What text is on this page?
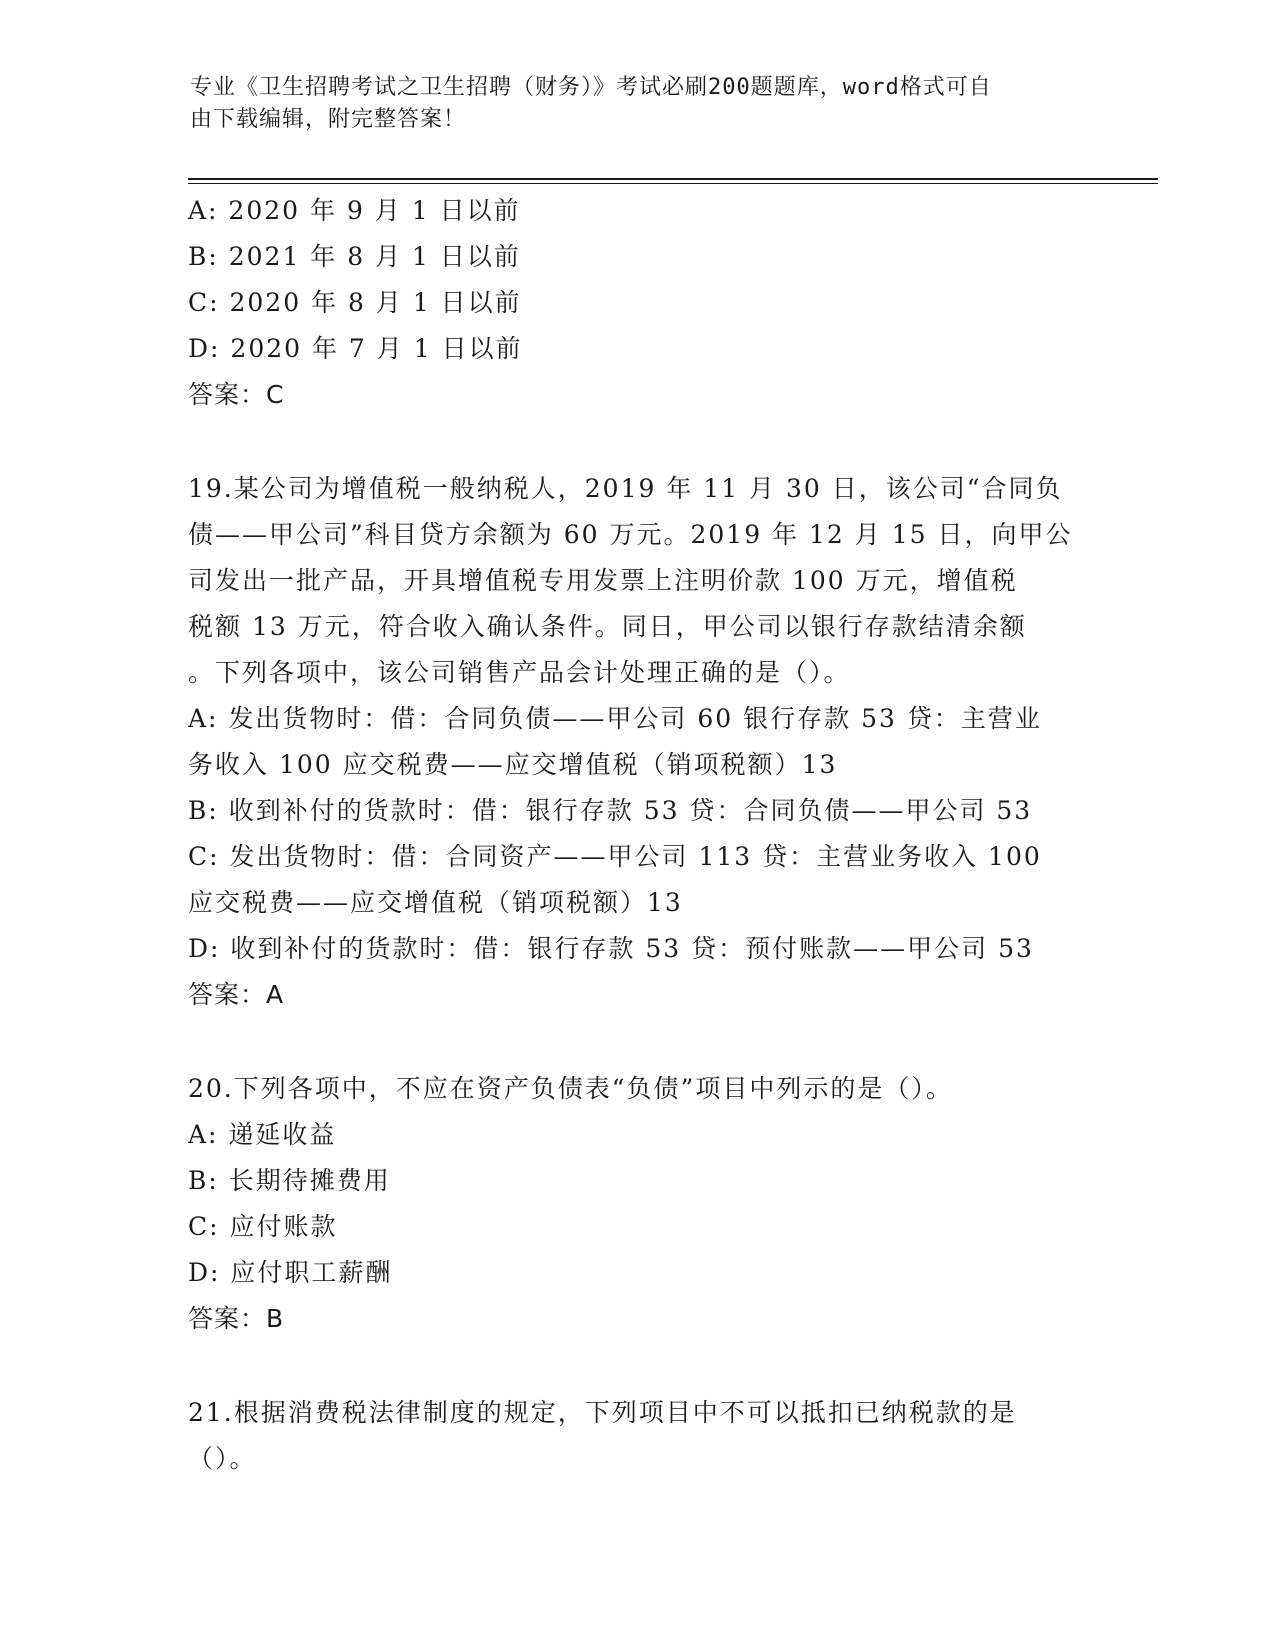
专业《卫生招聘考试之卫生招聘（财务）》考试必刷200题题库，word格式可自
由下载编辑，附完整答案！
A: 2020 年 9 月 1 日以前
B: 2021 年 8 月 1 日以前
C: 2020 年 8 月 1 日以前
D: 2020 年 7 月 1 日以前
答案：C
19.某公司为增值税一般纳税人，2019 年 11 月 30 日，该公司“合同负
债——甲公司”科目贷方余额为 60 万元。2019 年 12 月 15 日，向甲公
司发出一批产品，开具增值税专用发票上注明价款 100 万元，增值税
税额 13 万元，符合收入确认条件。同日，甲公司以银行存款结清余额
。下列各项中，该公司销售产品会计处理正确的是（）。
A: 发出货物时：借：合同负债——甲公司 60 银行存款 53 贷：主营业
务收入 100 应交税费——应交增值税（销项税额）13
B: 收到补付的货款时：借：银行存款 53 贷：合同负债——甲公司 53
C: 发出货物时：借：合同资产——甲公司 113 贷：主营业务收入 100
应交税费——应交增值税（销项税额）13
D: 收到补付的货款时：借：银行存款 53 贷：预付账款——甲公司 53
答案：A
20.下列各项中，不应在资产负债表“负债”项目中列示的是（）。
A: 递延收益
B: 长期待摊费用
C: 应付账款
D: 应付职工薪酬
答案：B
21.根据消费税法律制度的规定，下列项目中不可以抵扣已纳税款的是
（）。
